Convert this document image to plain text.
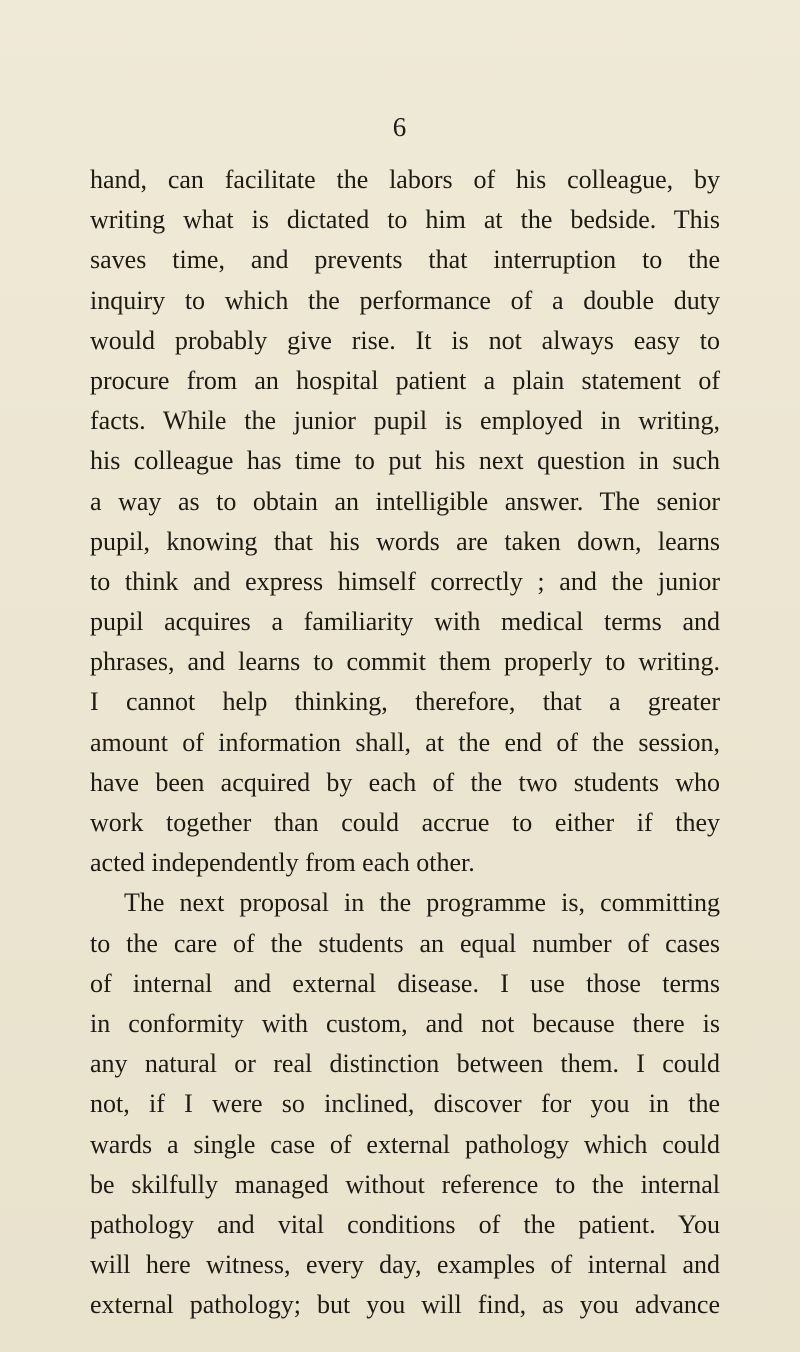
6
hand, can facilitate the labors of his colleague, by
writing what is dictated to him at the bedside. This
saves time, and prevents that interruption to the
inquiry to which the performance of a double duty
would probably give rise. It is not always easy to
procure from an hospital patient a plain statement of
facts. While the junior pupil is employed in writing,
his colleague has time to put his next question in such
a way as to obtain an intelligible answer. The senior
pupil, knowing that his words are taken down, learns
to think and express himself correctly ; and the junior
pupil acquires a familiarity with medical terms and
phrases, and learns to commit them properly to writing.
I cannot help thinking, therefore, that a greater
amount of information shall, at the end of the session,
have been acquired by each of the two students who
work together than could accrue to either if they
acted independently from each other.
The next proposal in the programme is, committing
to the care of the students an equal number of cases
of internal and external disease. I use those terms
in conformity with custom, and not because there is
any natural or real distinction between them. I could
not, if I were so inclined, discover for you in the
wards a single case of external pathology which could
be skilfully managed without reference to the internal
pathology and vital conditions of the patient. You
will here witness, every day, examples of internal and
external pathology; but you will find, as you advance
